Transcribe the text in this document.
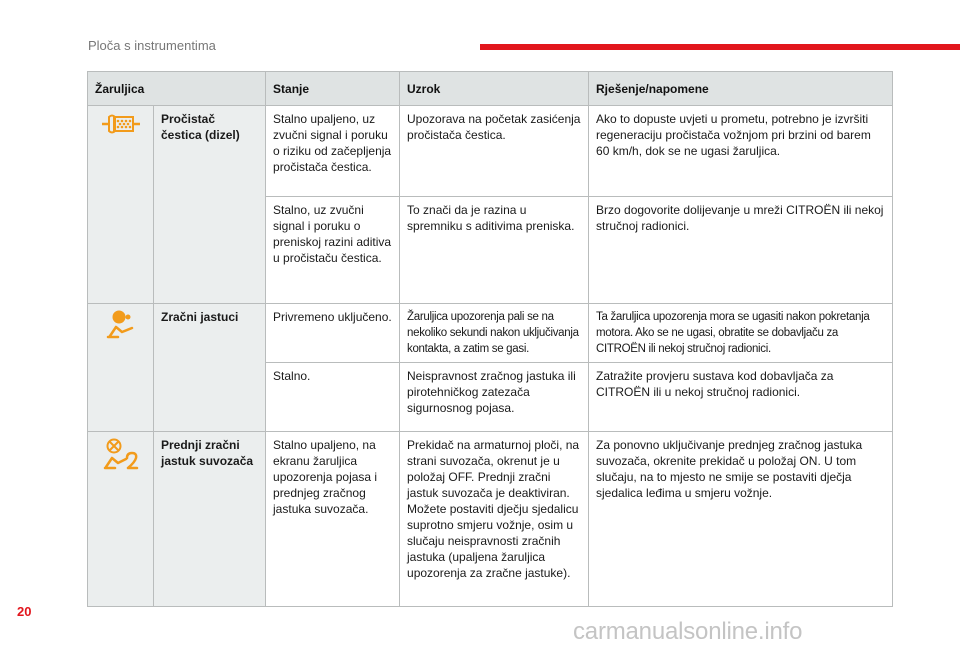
Ploča s instrumentima
Žaruljica		Stanje	Uzrok	Rješenje/napomene
	Pročistač čestica (dizel)	Stalno upaljeno, uz zvučni signal i poruku o riziku od začepljenja pročistača čestica.	Upozorava na početak zasićenja pročistača čestica.	Ako to dopuste uvjeti u prometu, potrebno je izvršiti regeneraciju pročistača vožnjom pri brzini od barem 60 km/h, dok se ne ugasi žaruljica.
		Stalno, uz zvučni signal i poruku o preniskoj razini aditiva u pročistaču čestica.	To znači da je razina u spremniku s aditivima preniska.	Brzo dogovorite dolijevanje u mreži CITROËN ili nekoj stručnoj radionici.
	Zračni jastuci	Privremeno uključeno.	Žaruljica upozorenja pali se na nekoliko sekundi nakon uključivanja kontakta, a zatim se gasi.	Ta žaruljica upozorenja mora se ugasiti nakon pokretanja motora. Ako se ne ugasi, obratite se dobavljaču za CITROËN ili nekoj stručnoj radionici.
		Stalno.	Neispravnost zračnog jastuka ili pirotehničkog zatezača sigurnosnog pojasa.	Zatražite provjeru sustava kod dobavljača za CITROËN ili u nekoj stručnoj radionici.
	Prednji zračni jastuk suvozača	Stalno upaljeno, na ekranu žaruljica upozorenja pojasa i prednjeg zračnog jastuka suvozača.	Prekidač na armaturnoj ploči, na strani suvozača, okrenut je u položaj OFF. Prednji zračni jastuk suvozača je deaktiviran. Možete postaviti dječju sjedalicu suprotno smjeru vožnje, osim u slučaju neispravnosti zračnih jastuka (upaljena žaruljica upozorenja za zračne jastuke).	Za ponovno uključivanje prednjeg zračnog jastuka suvozača, okrenite prekidač u položaj ON. U tom slučaju, na to mjesto ne smije se postaviti dječja sjedalica leđima u smjeru vožnje.
20
carmanualsonline.info
